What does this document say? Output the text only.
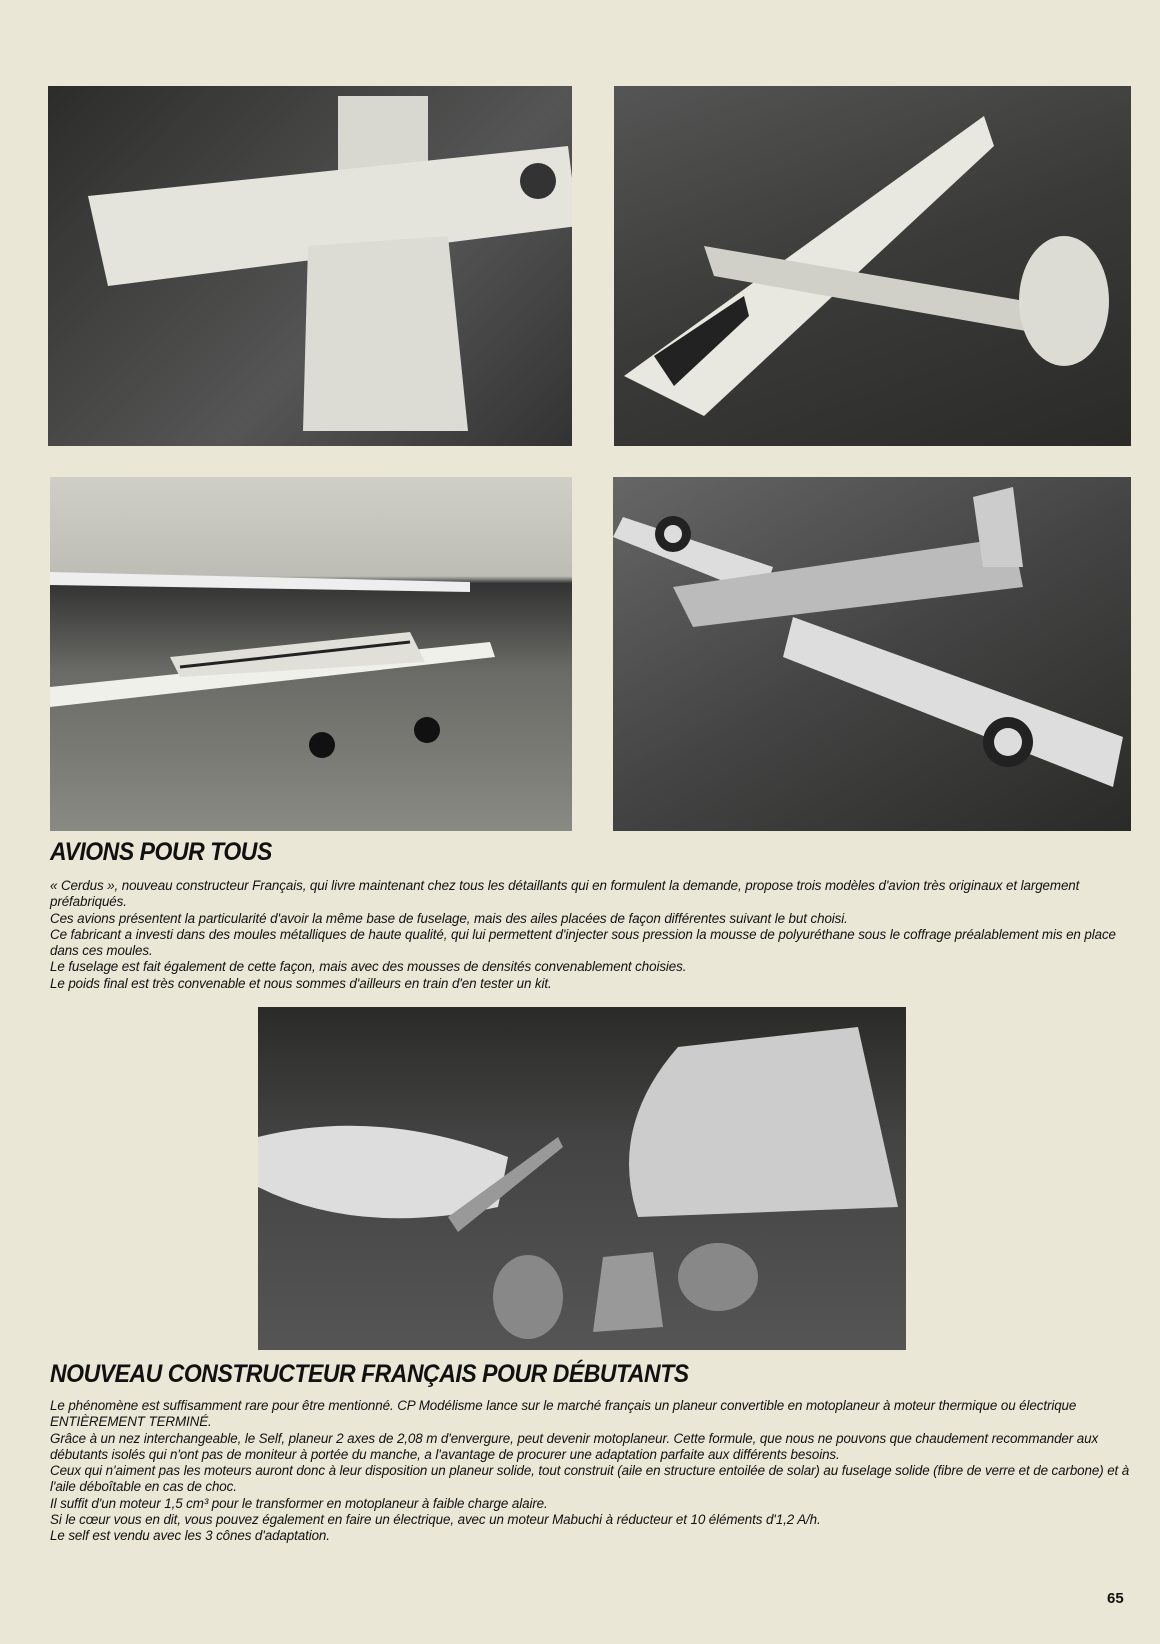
AVIONS POUR TOUS

« Cerdus », nouveau constructeur Français, qui livre maintenant chez tous les détaillants qui en formulent la demande, propose trois modèles d'avion très originaux et largement préfabriqués.

Ces avions présentent la particularité d'avoir la même base de fuselage, mais des ailes placées de façon différentes suivant le but choisi.

Ce fabricant a investi dans des moules métalliques de haute qualité, qui lui permettent d'injecter sous pression la mousse de polyuréthane sous le coffrage préalablement mis en place dans ces moules.

Le fuselage est fait également de cette façon, mais avec des mousses de densités convenablement choisies.

Le poids final est très convenable et nous sommes d'ailleurs en train d'en tester un kit.

NOUVEAU CONSTRUCTEUR FRANÇAIS POUR DÉBUTANTS

Le phénomène est suffisamment rare pour être mentionné. CP Modélisme lance sur le marché français un planeur convertible en motoplaneur à moteur thermique ou électrique ENTIÈREMENT TERMINÉ.

Grâce à un nez interchangeable, le Self, planeur 2 axes de 2,08 m d'envergure, peut devenir motoplaneur. Cette formule, que nous ne pouvons que chaudement recommander aux débutants isolés qui n'ont pas de moniteur à portée du manche, a l'avantage de procurer une adaptation parfaite aux différents besoins.

Ceux qui n'aiment pas les moteurs auront donc à leur disposition un planeur solide, tout construit (aile en structure entoilée de solar) au fuselage solide (fibre de verre et de carbone) et à l'aile déboîtable en cas de choc.

Il suffit d'un moteur 1,5 cm³ pour le transformer en motoplaneur à faible charge alaire.

Si le cœur vous en dit, vous pouvez également en faire un électrique, avec un moteur Mabuchi à réducteur et 10 éléments d'1,2 A/h.

Le self est vendu avec les 3 cônes d'adaptation.

65
